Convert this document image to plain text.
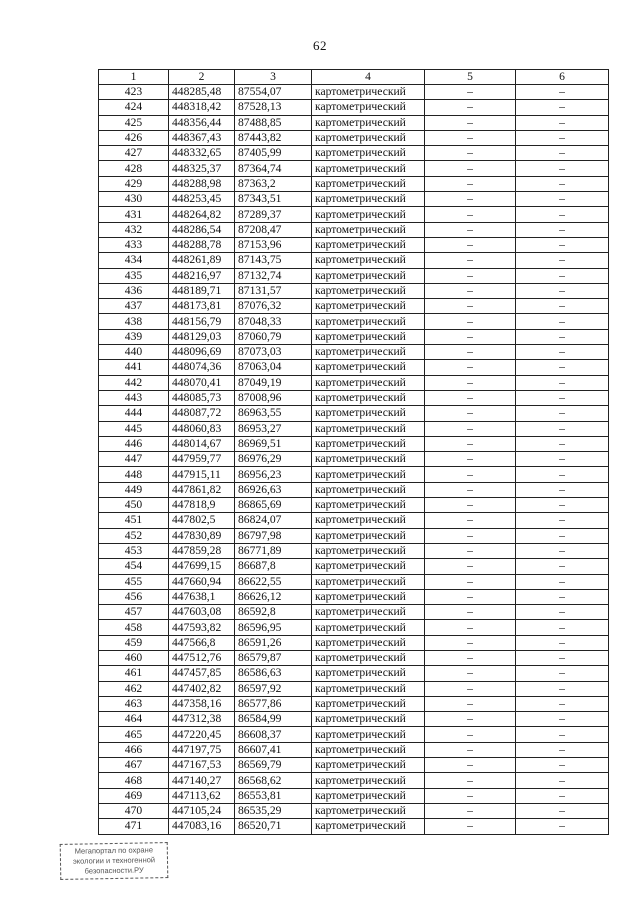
62
1	2	3	4	5	6
423	448285,48	87554,07	картометрический	–	–
424	448318,42	87528,13	картометрический	–	–
425	448356,44	87488,85	картометрический	–	–
426	448367,43	87443,82	картометрический	–	–
427	448332,65	87405,99	картометрический	–	–
428	448325,37	87364,74	картометрический	–	–
429	448288,98	87363,2	картометрический	–	–
430	448253,45	87343,51	картометрический	–	–
431	448264,82	87289,37	картометрический	–	–
432	448286,54	87208,47	картометрический	–	–
433	448288,78	87153,96	картометрический	–	–
434	448261,89	87143,75	картометрический	–	–
435	448216,97	87132,74	картометрический	–	–
436	448189,71	87131,57	картометрический	–	–
437	448173,81	87076,32	картометрический	–	–
438	448156,79	87048,33	картометрический	–	–
439	448129,03	87060,79	картометрический	–	–
440	448096,69	87073,03	картометрический	–	–
441	448074,36	87063,04	картометрический	–	–
442	448070,41	87049,19	картометрический	–	–
443	448085,73	87008,96	картометрический	–	–
444	448087,72	86963,55	картометрический	–	–
445	448060,83	86953,27	картометрический	–	–
446	448014,67	86969,51	картометрический	–	–
447	447959,77	86976,29	картометрический	–	–
448	447915,11	86956,23	картометрический	–	–
449	447861,82	86926,63	картометрический	–	–
450	447818,9	86865,69	картометрический	–	–
451	447802,5	86824,07	картометрический	–	–
452	447830,89	86797,98	картометрический	–	–
453	447859,28	86771,89	картометрический	–	–
454	447699,15	86687,8	картометрический	–	–
455	447660,94	86622,55	картометрический	–	–
456	447638,1	86626,12	картометрический	–	–
457	447603,08	86592,8	картометрический	–	–
458	447593,82	86596,95	картометрический	–	–
459	447566,8	86591,26	картометрический	–	–
460	447512,76	86579,87	картометрический	–	–
461	447457,85	86586,63	картометрический	–	–
462	447402,82	86597,92	картометрический	–	–
463	447358,16	86577,86	картометрический	–	–
464	447312,38	86584,99	картометрический	–	–
465	447220,45	86608,37	картометрический	–	–
466	447197,75	86607,41	картометрический	–	–
467	447167,53	86569,79	картометрический	–	–
468	447140,27	86568,62	картометрический	–	–
469	447113,62	86553,81	картометрический	–	–
470	447105,24	86535,29	картометрический	–	–
471	447083,16	86520,71	картометрический	–	–
Мегапортал по охране
экологии и техногенной
безопасности.РУ
